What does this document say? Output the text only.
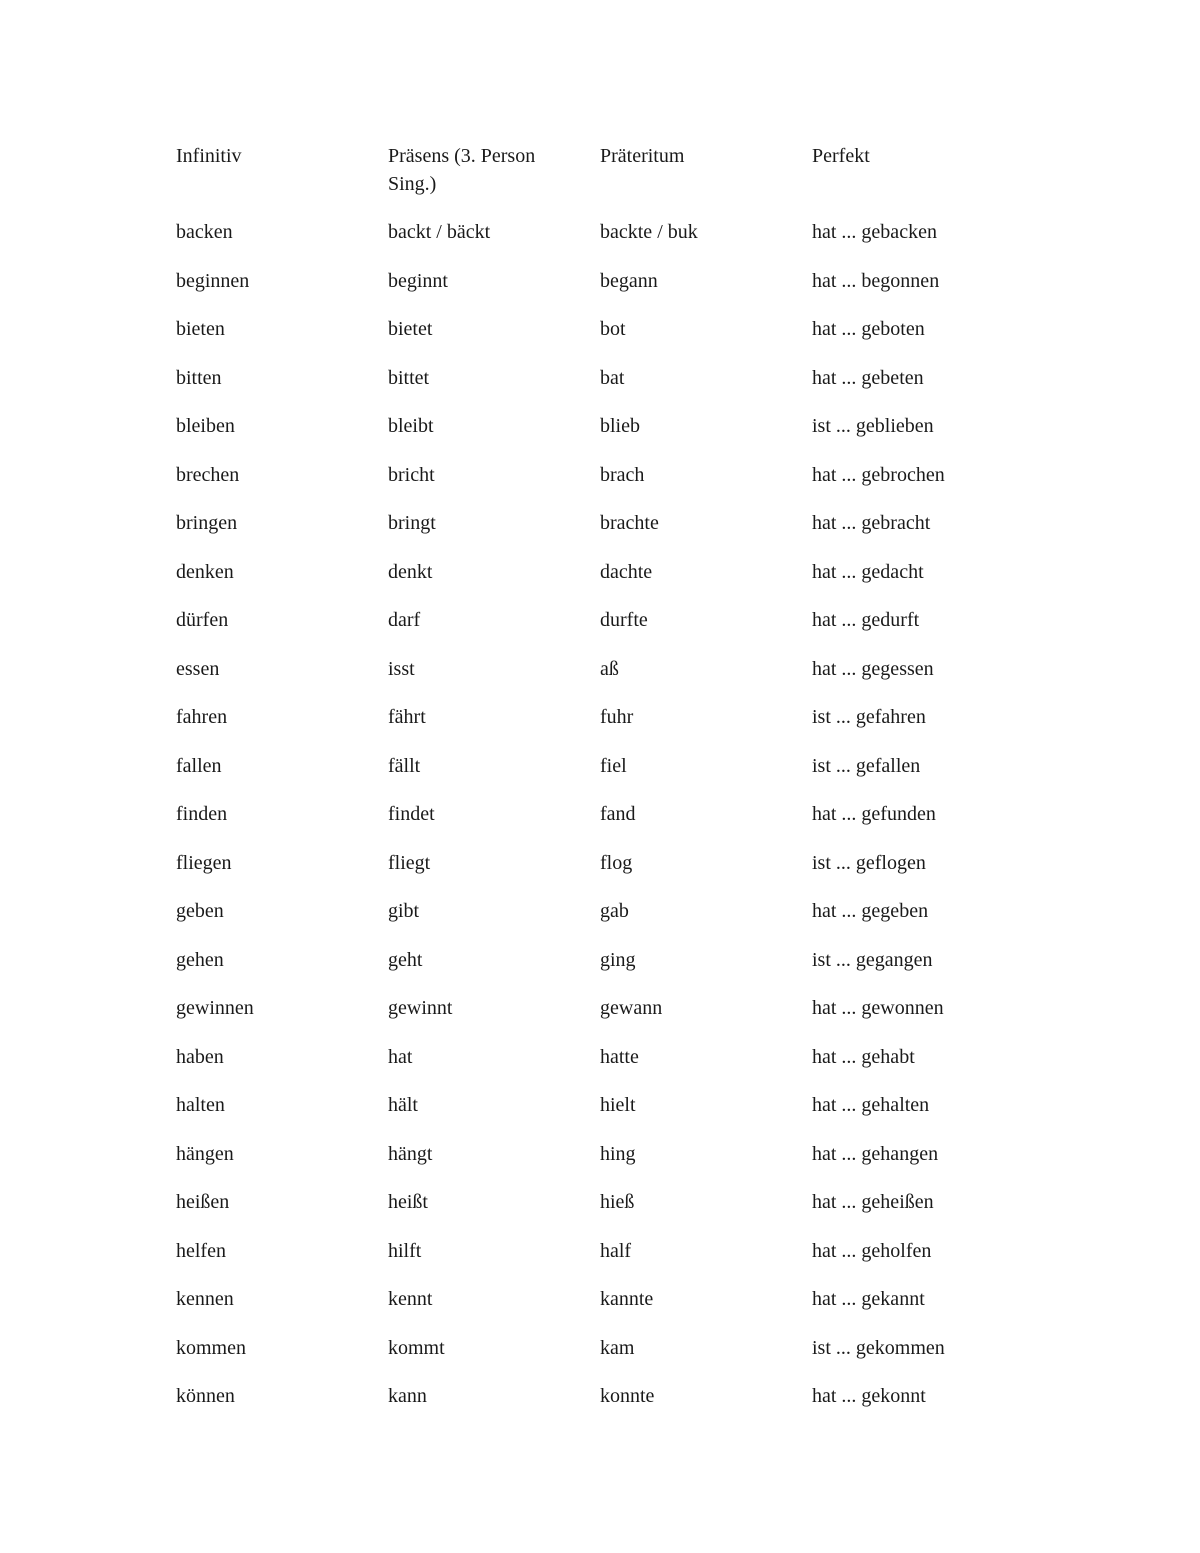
Infinitiv	Präsens (3. Person Sing.)	Präteritum	Perfekt
backen	backt / bäckt	backte / buk	hat ... gebacken
beginnen	beginnt	begann	hat ... begonnen
bieten	bietet	bot	hat ... geboten
bitten	bittet	bat	hat ... gebeten
bleiben	bleibt	blieb	ist ... geblieben
brechen	bricht	brach	hat ... gebrochen
bringen	bringt	brachte	hat ... gebracht
denken	denkt	dachte	hat ... gedacht
dürfen	darf	durfte	hat ... gedurft
essen	isst	aß	hat ... gegessen
fahren	fährt	fuhr	ist ... gefahren
fallen	fällt	fiel	ist ... gefallen
finden	findet	fand	hat ... gefunden
fliegen	fliegt	flog	ist ... geflogen
geben	gibt	gab	hat ... gegeben
gehen	geht	ging	ist ... gegangen
gewinnen	gewinnt	gewann	hat ... gewonnen
haben	hat	hatte	hat ... gehabt
halten	hält	hielt	hat ... gehalten
hängen	hängt	hing	hat ... gehangen
heißen	heißt	hieß	hat ... geheißen
helfen	hilft	half	hat ... geholfen
kennen	kennt	kannte	hat ... gekannt
kommen	kommt	kam	ist ... gekommen
können	kann	konnte	hat ... gekonnt
